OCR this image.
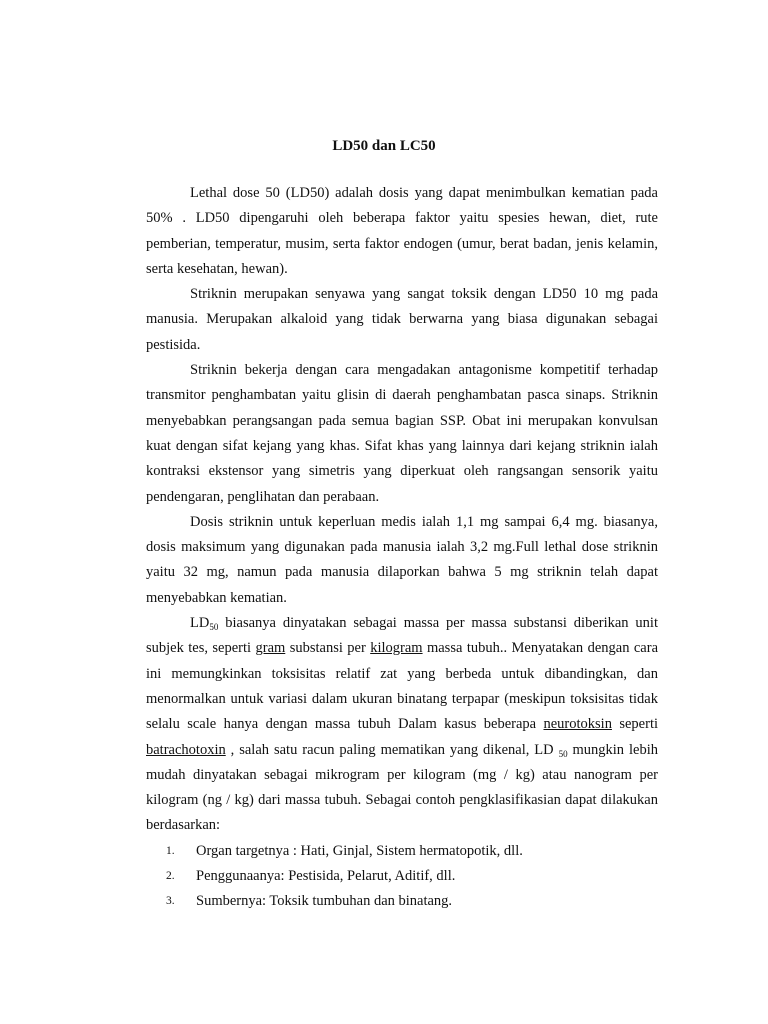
LD50 dan LC50

Lethal dose 50 (LD50) adalah dosis yang dapat menimbulkan kematian pada 50% . LD50 dipengaruhi oleh beberapa faktor yaitu spesies hewan, diet, rute pemberian, temperatur, musim, serta faktor endogen (umur, berat badan, jenis kelamin, serta kesehatan, hewan).

Striknin merupakan senyawa yang sangat toksik dengan LD50 10 mg pada manusia. Merupakan alkaloid yang tidak berwarna yang biasa digunakan sebagai pestisida.

Striknin bekerja dengan cara mengadakan antagonisme kompetitif terhadap transmitor penghambatan yaitu glisin di daerah penghambatan pasca sinaps. Striknin menyebabkan perangsangan pada semua bagian SSP. Obat ini merupakan konvulsan kuat dengan sifat kejang yang khas. Sifat khas yang lainnya dari kejang striknin ialah kontraksi ekstensor yang simetris yang diperkuat oleh rangsangan sensorik yaitu pendengaran, penglihatan dan perabaan.

Dosis striknin untuk keperluan medis ialah 1,1 mg sampai 6,4 mg. biasanya, dosis maksimum yang digunakan pada manusia ialah 3,2 mg.Full lethal dose striknin yaitu 32 mg, namun pada manusia dilaporkan bahwa 5 mg striknin telah dapat menyebabkan kematian.

$LD_{50}$ biasanya dinyatakan sebagai massa per massa substansi diberikan unit subjek tes, seperti gram substansi per kilogram massa tubuh.. Menyatakan dengan cara ini memungkinkan toksisitas relatif zat yang berbeda untuk dibandingkan, dan menormalkan untuk variasi dalam ukuran binatang terpapar (meskipun toksisitas tidak selalu scale hanya dengan massa tubuh Dalam kasus beberapa neurotoksin seperti batrachotoxin , salah satu racun paling mematikan yang dikenal, LD $_{50}$ mungkin lebih mudah dinyatakan sebagai mikrogram per kilogram (mg / kg) atau nanogram per kilogram (ng / kg) dari massa tubuh. Sebagai contoh pengklasifikasian dapat dilakukan berdasarkan:

1. Organ targetnya : Hati, Ginjal, Sistem hermatopotik, dll.
2. Penggunaanya: Pestisida, Pelarut, Aditif, dll.
3. Sumbernya: Toksik tumbuhan dan binatang.
